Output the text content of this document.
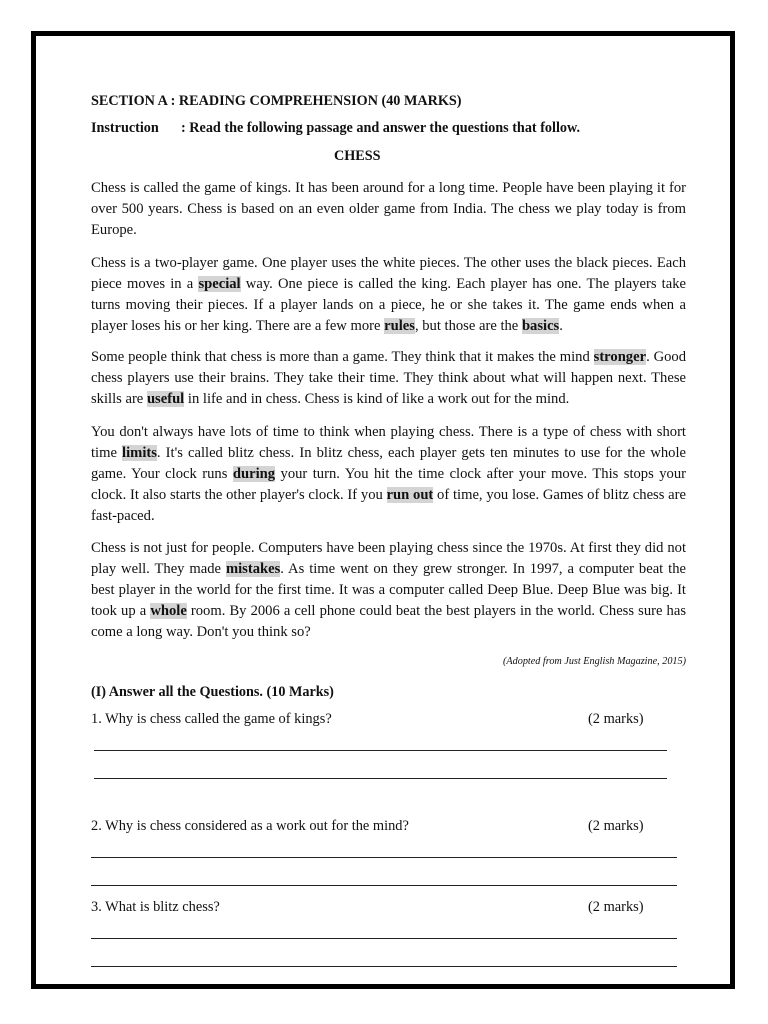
SECTION A : READING COMPREHENSION (40 MARKS)
Instruction : Read the following passage and answer the questions that follow.
CHESS

Chess is called the game of kings. It has been around for a long time. People have been playing it for over 500 years. Chess is based on an even older game from India. The chess we play today is from Europe.

Chess is a two-player game. One player uses the white pieces. The other uses the black pieces. Each piece moves in a special way. One piece is called the king. Each player has one. The players take turns moving their pieces. If a player lands on a piece, he or she takes it. The game ends when a player loses his or her king. There are a few more rules, but those are the basics.

Some people think that chess is more than a game. They think that it makes the mind stronger. Good chess players use their brains. They take their time. They think about what will happen next. These skills are useful in life and in chess. Chess is kind of like a work out for the mind.

You don't always have lots of time to think when playing chess. There is a type of chess with short time limits. It's called blitz chess. In blitz chess, each player gets ten minutes to use for the whole game. Your clock runs during your turn. You hit the time clock after your move. This stops your clock. It also starts the other player's clock. If you run out of time, you lose. Games of blitz chess are fast-paced.

Chess is not just for people. Computers have been playing chess since the 1970s. At first they did not play well. They made mistakes. As time went on they grew stronger. In 1997, a computer beat the best player in the world for the first time. It was a computer called Deep Blue. Deep Blue was big. It took up a whole room. By 2006 a cell phone could beat the best players in the world. Chess sure has come a long way. Don't you think so?

(Adopted from Just English Magazine, 2015)
(I) Answer all the Questions. (10 Marks)
1. Why is chess called the game of kings?	(2 marks)
2. Why is chess considered as a work out for the mind?	(2 marks)
3. What is blitz chess?	(2 marks)
